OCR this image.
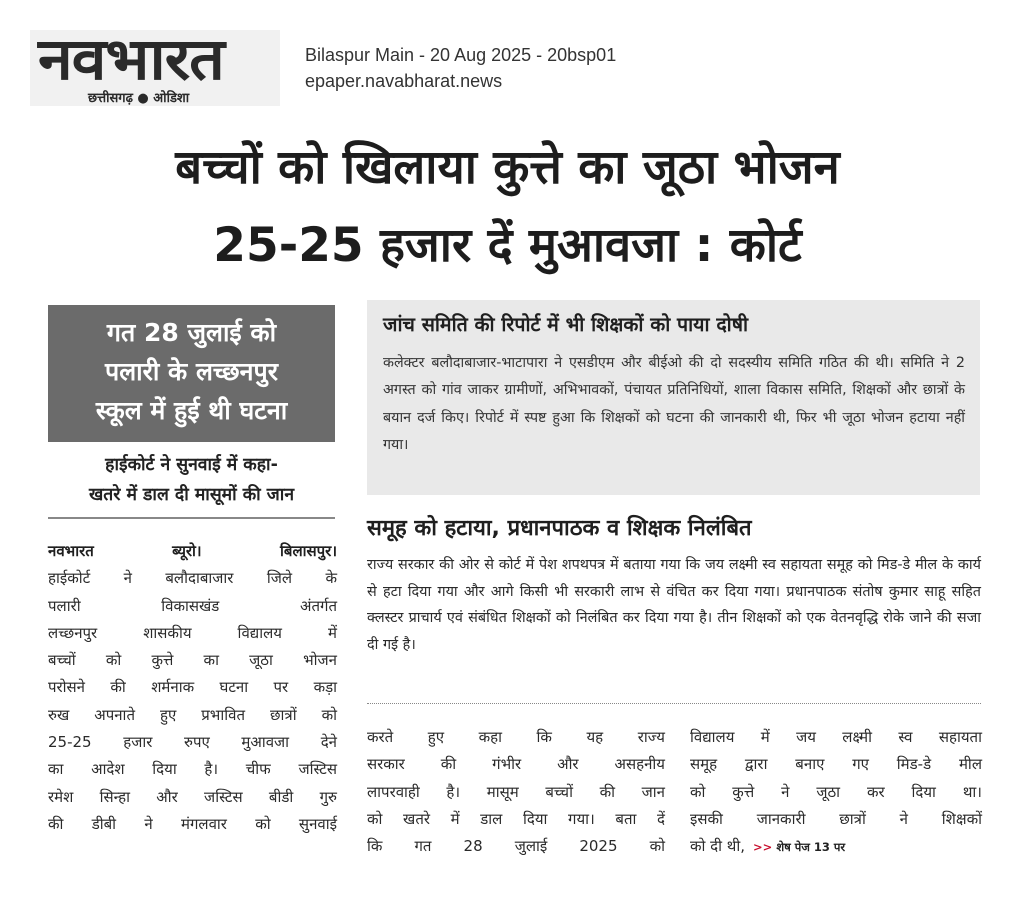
नवभारत
छत्तीसगढ़ ● ओडिशा
Bilaspur Main - 20 Aug 2025 - 20bsp01
epaper.navabharat.news
बच्चों को खिलाया कुत्ते का जूठा भोजन
25-25 हजार दें मुआवजा : कोर्ट
गत 28 जुलाई को
पलारी के लच्छनपुर
स्कूल में हुई थी घटना
हाईकोर्ट ने सुनवाई में कहा-
खतरे में डाल दी मासूमों की जान

नवभारत ब्यूरो। बिलासपुर।

हाईकोर्ट ने बलौदाबाजार जिले के

पलारी विकासखंड अंतर्गत

लच्छनपुर शासकीय विद्यालय में

बच्चों को कुत्ते का जूठा भोजन

परोसने की शर्मनाक घटना पर कड़ा

रुख अपनाते हुए प्रभावित छात्रों को

25-25 हजार रुपए मुआवजा देने

का आदेश दिया है। चीफ जस्टिस

रमेश सिन्हा और जस्टिस बीडी गुरु

की डीबी ने मंगलवार को सुनवाई

जांच समिति की रिपोर्ट में भी शिक्षकों को पाया दोषी
कलेक्टर बलौदाबाजार-भाटापारा ने एसडीएम और बीईओ की दो सदस्यीय समिति गठित की थी। समिति ने 2 अगस्त को गांव जाकर ग्रामीणों, अभिभावकों, पंचायत प्रतिनिधियों, शाला विकास समिति, शिक्षकों और छात्रों के बयान दर्ज किए। रिपोर्ट में स्पष्ट हुआ कि शिक्षकों को घटना की जानकारी थी, फिर भी जूठा भोजन हटाया नहीं गया।
समूह को हटाया, प्रधानपाठक व शिक्षक निलंबित
राज्य सरकार की ओर से कोर्ट में पेश शपथपत्र में बताया गया कि जय लक्ष्मी स्व सहायता समूह को मिड-डे मील के कार्य से हटा दिया गया और आगे किसी भी सरकारी लाभ से वंचित कर दिया गया। प्रधानपाठक संतोष कुमार साहू सहित क्लस्टर प्राचार्य एवं संबंधित शिक्षकों को निलंबित कर दिया गया है। तीन शिक्षकों को एक वेतनवृद्धि रोके जाने की सजा दी गई है।

करते हुए कहा कि यह राज्य

सरकार की गंभीर और असहनीय

लापरवाही है। मासूम बच्चों की जान

को खतरे में डाल दिया गया। बता दें

कि गत 28 जुलाई 2025 को

विद्यालय में जय लक्ष्मी स्व सहायता

समूह द्वारा बनाए गए मिड-डे मील

को कुत्ते ने जूठा कर दिया था।

इसकी जानकारी छात्रों ने शिक्षकों

को दी थी, >> शेष पेज 13 पर
